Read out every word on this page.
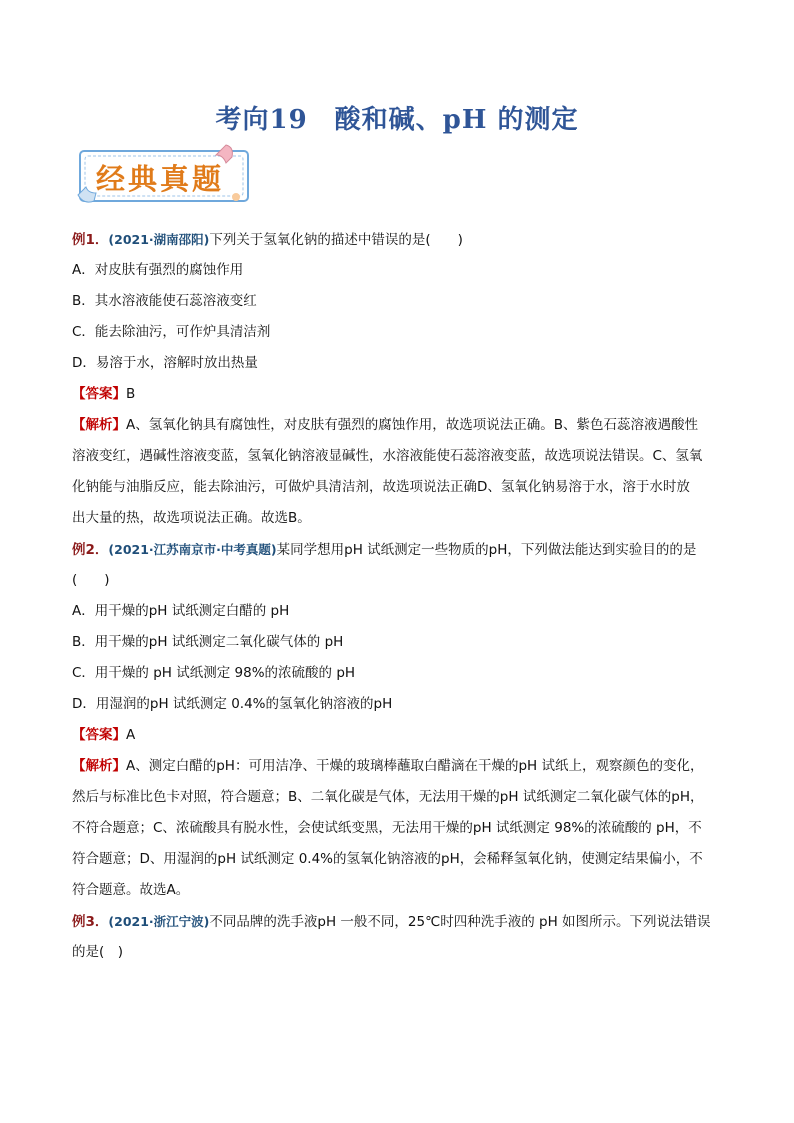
考向19　酸和碱、pH 的测定
经典真题
例1．(2021·湖南邵阳)下列关于氢氧化钠的描述中错误的是(　　)
A．对皮肤有强烈的腐蚀作用
B．其水溶液能使石蕊溶液变红
C．能去除油污，可作炉具清洁剂
D．易溶于水，溶解时放出热量
【答案】B
【解析】A、氢氧化钠具有腐蚀性，对皮肤有强烈的腐蚀作用，故选项说法正确。B、紫色石蕊溶液遇酸性
溶液变红，遇碱性溶液变蓝，氢氧化钠溶液显碱性，水溶液能使石蕊溶液变蓝，故选项说法错误。C、氢氧
化钠能与油脂反应，能去除油污，可做炉具清洁剂，故选项说法正确D、氢氧化钠易溶于水，溶于水时放
出大量的热，故选项说法正确。故选B。
例2．(2021·江苏南京市·中考真题)某同学想用pH 试纸测定一些物质的pH，下列做法能达到实验目的的是
(　　)
A．用干燥的pH 试纸测定白醋的 pH
B．用干燥的pH 试纸测定二氧化碳气体的 pH
C．用干燥的 pH 试纸测定 98%的浓硫酸的 pH
D．用湿润的pH 试纸测定 0.4%的氢氧化钠溶液的pH
【答案】A
【解析】A、测定白醋的pH：可用洁净、干燥的玻璃棒蘸取白醋滴在干燥的pH 试纸上，观察颜色的变化，
然后与标准比色卡对照，符合题意；B、二氧化碳是气体，无法用干燥的pH 试纸测定二氧化碳气体的pH，
不符合题意；C、浓硫酸具有脱水性，会使试纸变黑，无法用干燥的pH 试纸测定 98%的浓硫酸的 pH，不
符合题意；D、用湿润的pH 试纸测定 0.4%的氢氧化钠溶液的pH，会稀释氢氧化钠，使测定结果偏小，不
符合题意。故选A。
例3．(2021·浙江宁波)不同品牌的洗手液pH 一般不同，25℃时四种洗手液的 pH 如图所示。下列说法错误
的是(　)
